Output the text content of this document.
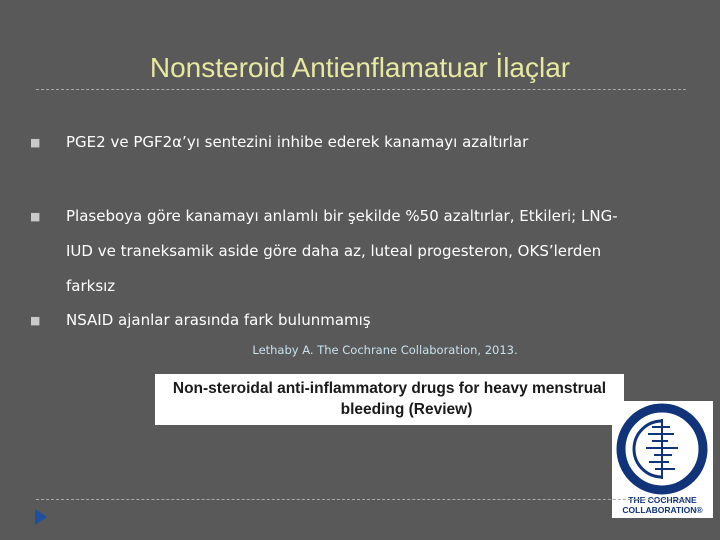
Nonsteroid Antienflamatuar İlaçlar
■ PGE2 ve PGF2α’yı sentezini inhibe ederek kanamayı azaltırlar
■ Plaseboya göre kanamayı anlamlı bir şekilde %50 azaltırlar, Etkileri; LNG-
IUD ve traneksamik aside göre daha az, luteal progesteron, OKS’lerden
farksız
■ NSAID ajanlar arasında fark bulunmamış
Lethaby A. The Cochrane Collaboration, 2013.
Non-steroidal anti-inflammatory drugs for heavy menstrual
bleeding (Review)
THE COCHRANE
COLLABORATION®
